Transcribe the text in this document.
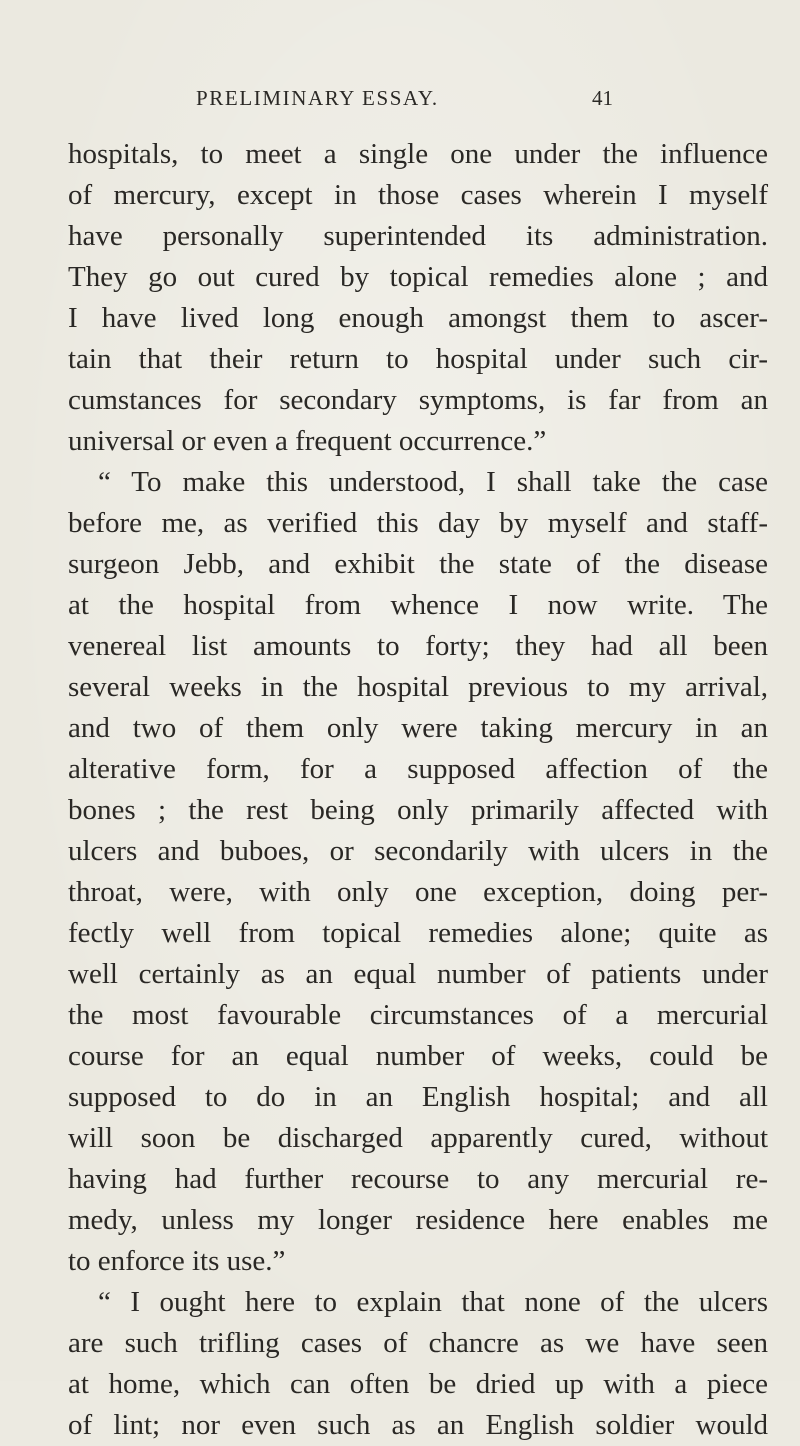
PRELIMINARY ESSAY.	41
hospitals, to meet a single one under the influence
of mercury, except in those cases wherein I myself
have personally superintended its administration.
They go out cured by topical remedies alone ; and
I have lived long enough amongst them to ascer-
tain that their return to hospital under such cir-
cumstances for secondary symptoms, is far from an
universal or even a frequent occurrence.”
“ To make this understood, I shall take the case
before me, as verified this day by myself and staff-
surgeon Jebb, and exhibit the state of the disease
at the hospital from whence I now write. The
venereal list amounts to forty; they had all been
several weeks in the hospital previous to my arrival,
and two of them only were taking mercury in an
alterative form, for a supposed affection of the
bones ; the rest being only primarily affected with
ulcers and buboes, or secondarily with ulcers in the
throat, were, with only one exception, doing per-
fectly well from topical remedies alone; quite as
well certainly as an equal number of patients under
the most favourable circumstances of a mercurial
course for an equal number of weeks, could be
supposed to do in an English hospital; and all
will soon be discharged apparently cured, without
having had further recourse to any mercurial re-
medy, unless my longer residence here enables me
to enforce its use.”
“ I ought here to explain that none of the ulcers
are such trifling cases of chancre as we have seen
at home, which can often be dried up with a piece
of lint; nor even such as an English soldier would
